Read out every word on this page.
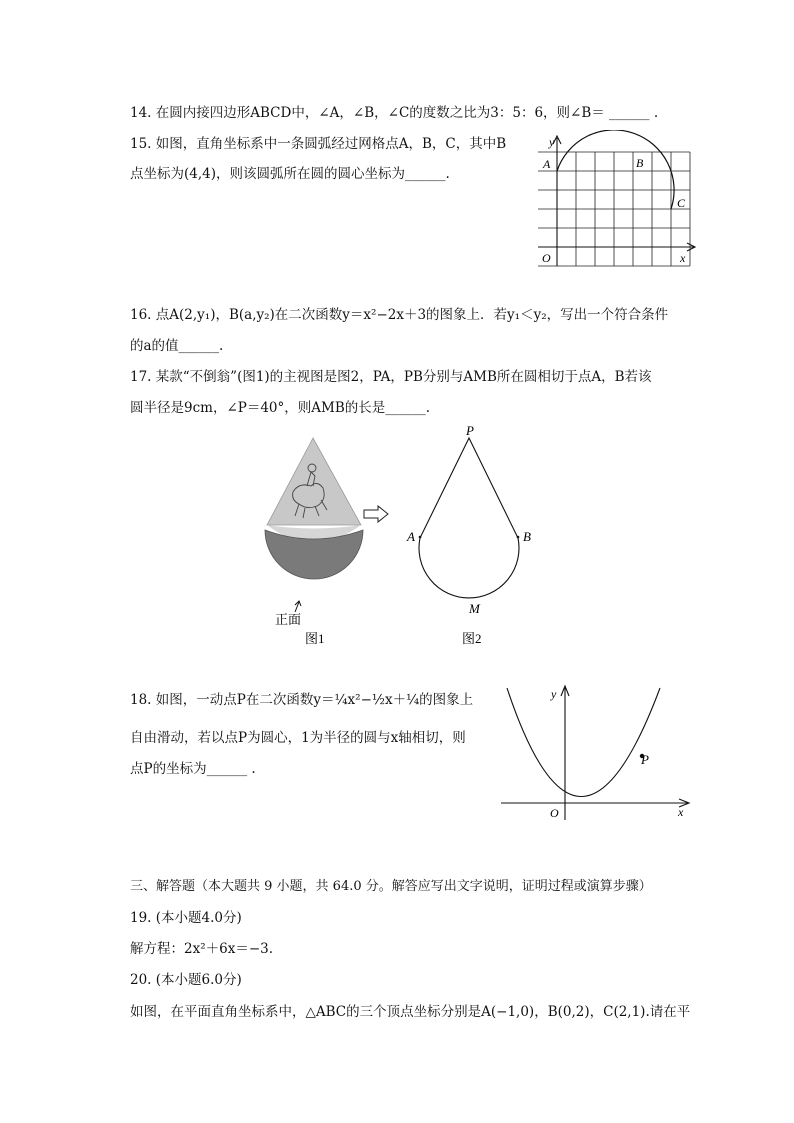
14. 在圆内接四边形ABCD中，∠A，∠B，∠C的度数之比为3：5：6，则∠B＝ ______ .
15. 如图，直角坐标系中一条圆弧经过网格点A，B，C，其中B
点坐标为(4,4)，则该圆弧所在圆的圆心坐标为______.
y
x
O
A	B
C
16. 点A(2,y₁)，B(a,y₂)在二次函数y＝x²−2x＋3的图象上．若y₁＜y₂，写出一个符合条件
的a的值______.
17. 某款“不倒翁”(图1)的主视图是图2，PA，PB分别与AMB所在圆相切于点A，B若该
圆半径是9cm，∠P＝40°，则AMB的长是______.
正面
图1
P
A	B
M
图2
18. 如图，一动点P在二次函数y＝¼x²−½x＋¼的图象上
自由滑动，若以点P为圆心，1为半径的圆与x轴相切，则
点P的坐标为______ .
y
x
O
P
三、解答题（本大题共 9 小题，共 64.0 分。解答应写出文字说明，证明过程或演算步骤）
19. (本小题4.0分)
解方程：2x²＋6x＝−3.
20. (本小题6.0分)
如图，在平面直角坐标系中，△ABC的三个顶点坐标分别是A(−1,0)，B(0,2)，C(2,1).请在平
